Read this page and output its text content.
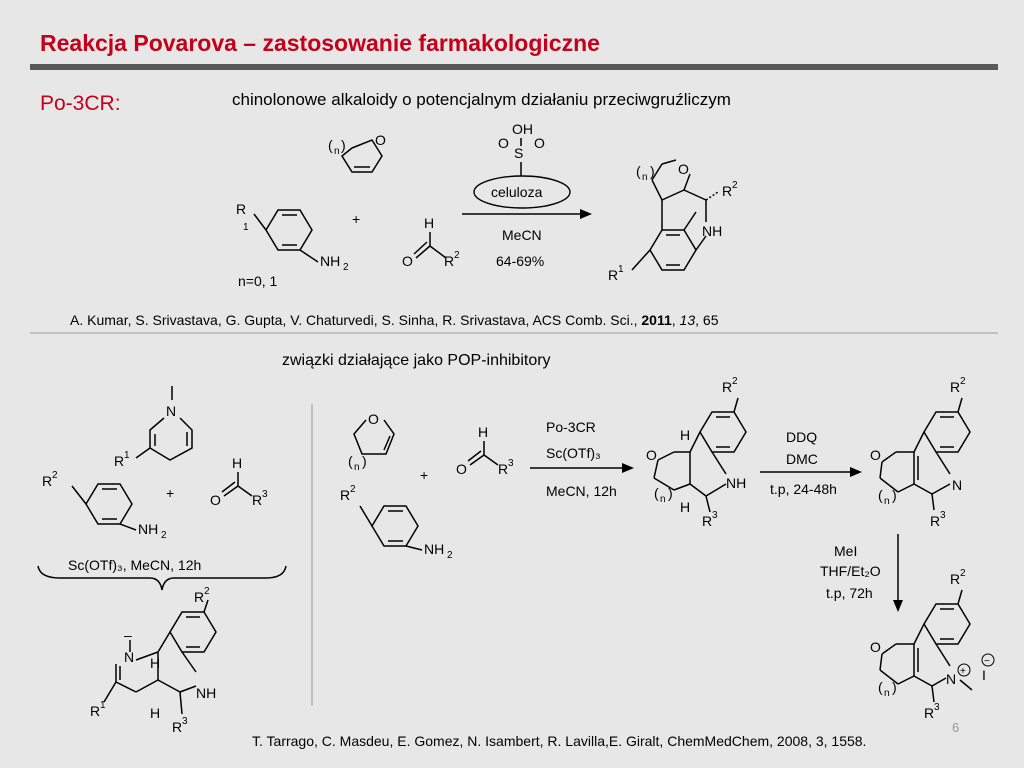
Reakcja Povarova – zastosowanie farmakologiczne
Po-3CR:	chinolonowe alkaloidy o potencjalnym działaniu przeciwgruźliczym
( n ) O
R
1
NH 2
n=0, 1
+	H
O R 2
OH
O
S
O
celuloza
MeCN
64-69%
O
( n )
NH
R 2
R 1
N
R 1
R 2
NH 2
+
H
O R 3
Sc(OTf)₃, MeCN, 12h
N
–
H
H
NH
R 2
R 1
R 3
O
( n )
+
H
O R 3
R 2
NH 2
Po-3CR
Sc(OTf)₃
MeCN, 12h
H
H
O
NH
( n )
R 2
R 3
DDQ
DMC
t.p, 24-48h
O
N
( n )
R 2
R 3
MeI
THF/Et₂O
t.p, 72h
O
N + I
−
( n )
R 2
R 3
A. Kumar, S. Srivastava, G. Gupta, V. Chaturvedi, S. Sinha, R. Srivastava, ACS Comb. Sci., 2011, 13, 65
związki działające jako POP-inhibitory
T. Tarrago, C. Masdeu, E. Gomez, N. Isambert, R. Lavilla,E. Giralt, ChemMedChem, 2008, 3, 1558.
6
